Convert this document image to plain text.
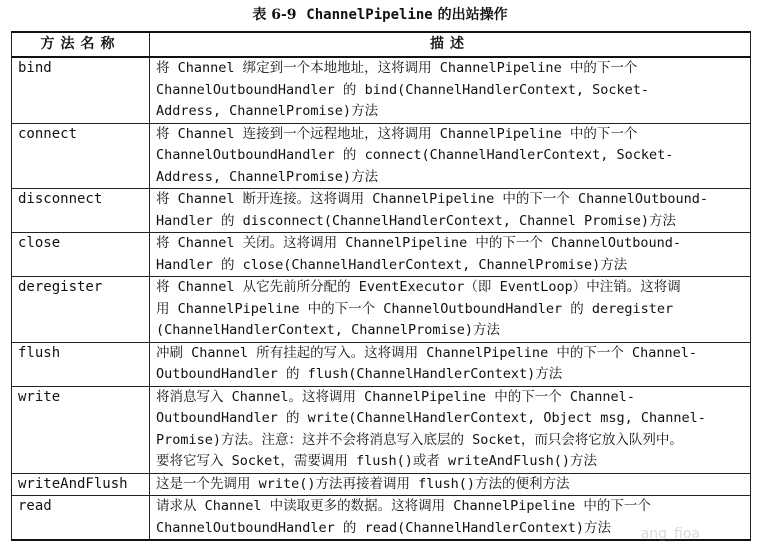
表 6-9 ChannelPipeline 的出站操作
方法名称	描述
bind	将 Channel 绑定到一个本地地址，这将调用 ChannelPipeline 中的下一个
ChannelOutboundHandler 的 bind(ChannelHandlerContext, Socket-
Address, ChannelPromise)方法

connect	将 Channel 连接到一个远程地址，这将调用 ChannelPipeline 中的下一个
ChannelOutboundHandler 的 connect(ChannelHandlerContext, Socket-
Address, ChannelPromise)方法

disconnect	将 Channel 断开连接。这将调用 ChannelPipeline 中的下一个 ChannelOutbound-
Handler 的 disconnect(ChannelHandlerContext, Channel Promise)方法

close	将 Channel 关闭。这将调用 ChannelPipeline 中的下一个 ChannelOutbound-
Handler 的 close(ChannelHandlerContext, ChannelPromise)方法

deregister	将 Channel 从它先前所分配的 EventExecutor（即 EventLoop）中注销。这将调
用 ChannelPipeline 中的下一个 ChannelOutboundHandler 的 deregister
(ChannelHandlerContext, ChannelPromise)方法

flush	冲刷 Channel 所有挂起的写入。这将调用 ChannelPipeline 中的下一个 Channel-
OutboundHandler 的 flush(ChannelHandlerContext)方法

write	将消息写入 Channel。这将调用 ChannelPipeline 中的下一个 Channel-
OutboundHandler 的 write(ChannelHandlerContext, Object msg, Channel-
Promise)方法。注意：这并不会将消息写入底层的 Socket，而只会将它放入队列中。
要将它写入 Socket，需要调用 flush()或者 writeAndFlush()方法

writeAndFlush	这是一个先调用 write()方法再接着调用 flush()方法的便利方法

read	请求从 Channel 中读取更多的数据。这将调用 ChannelPipeline 中的下一个
ChannelOutboundHandler 的 read(ChannelHandlerContext)方法	ang_fioa
